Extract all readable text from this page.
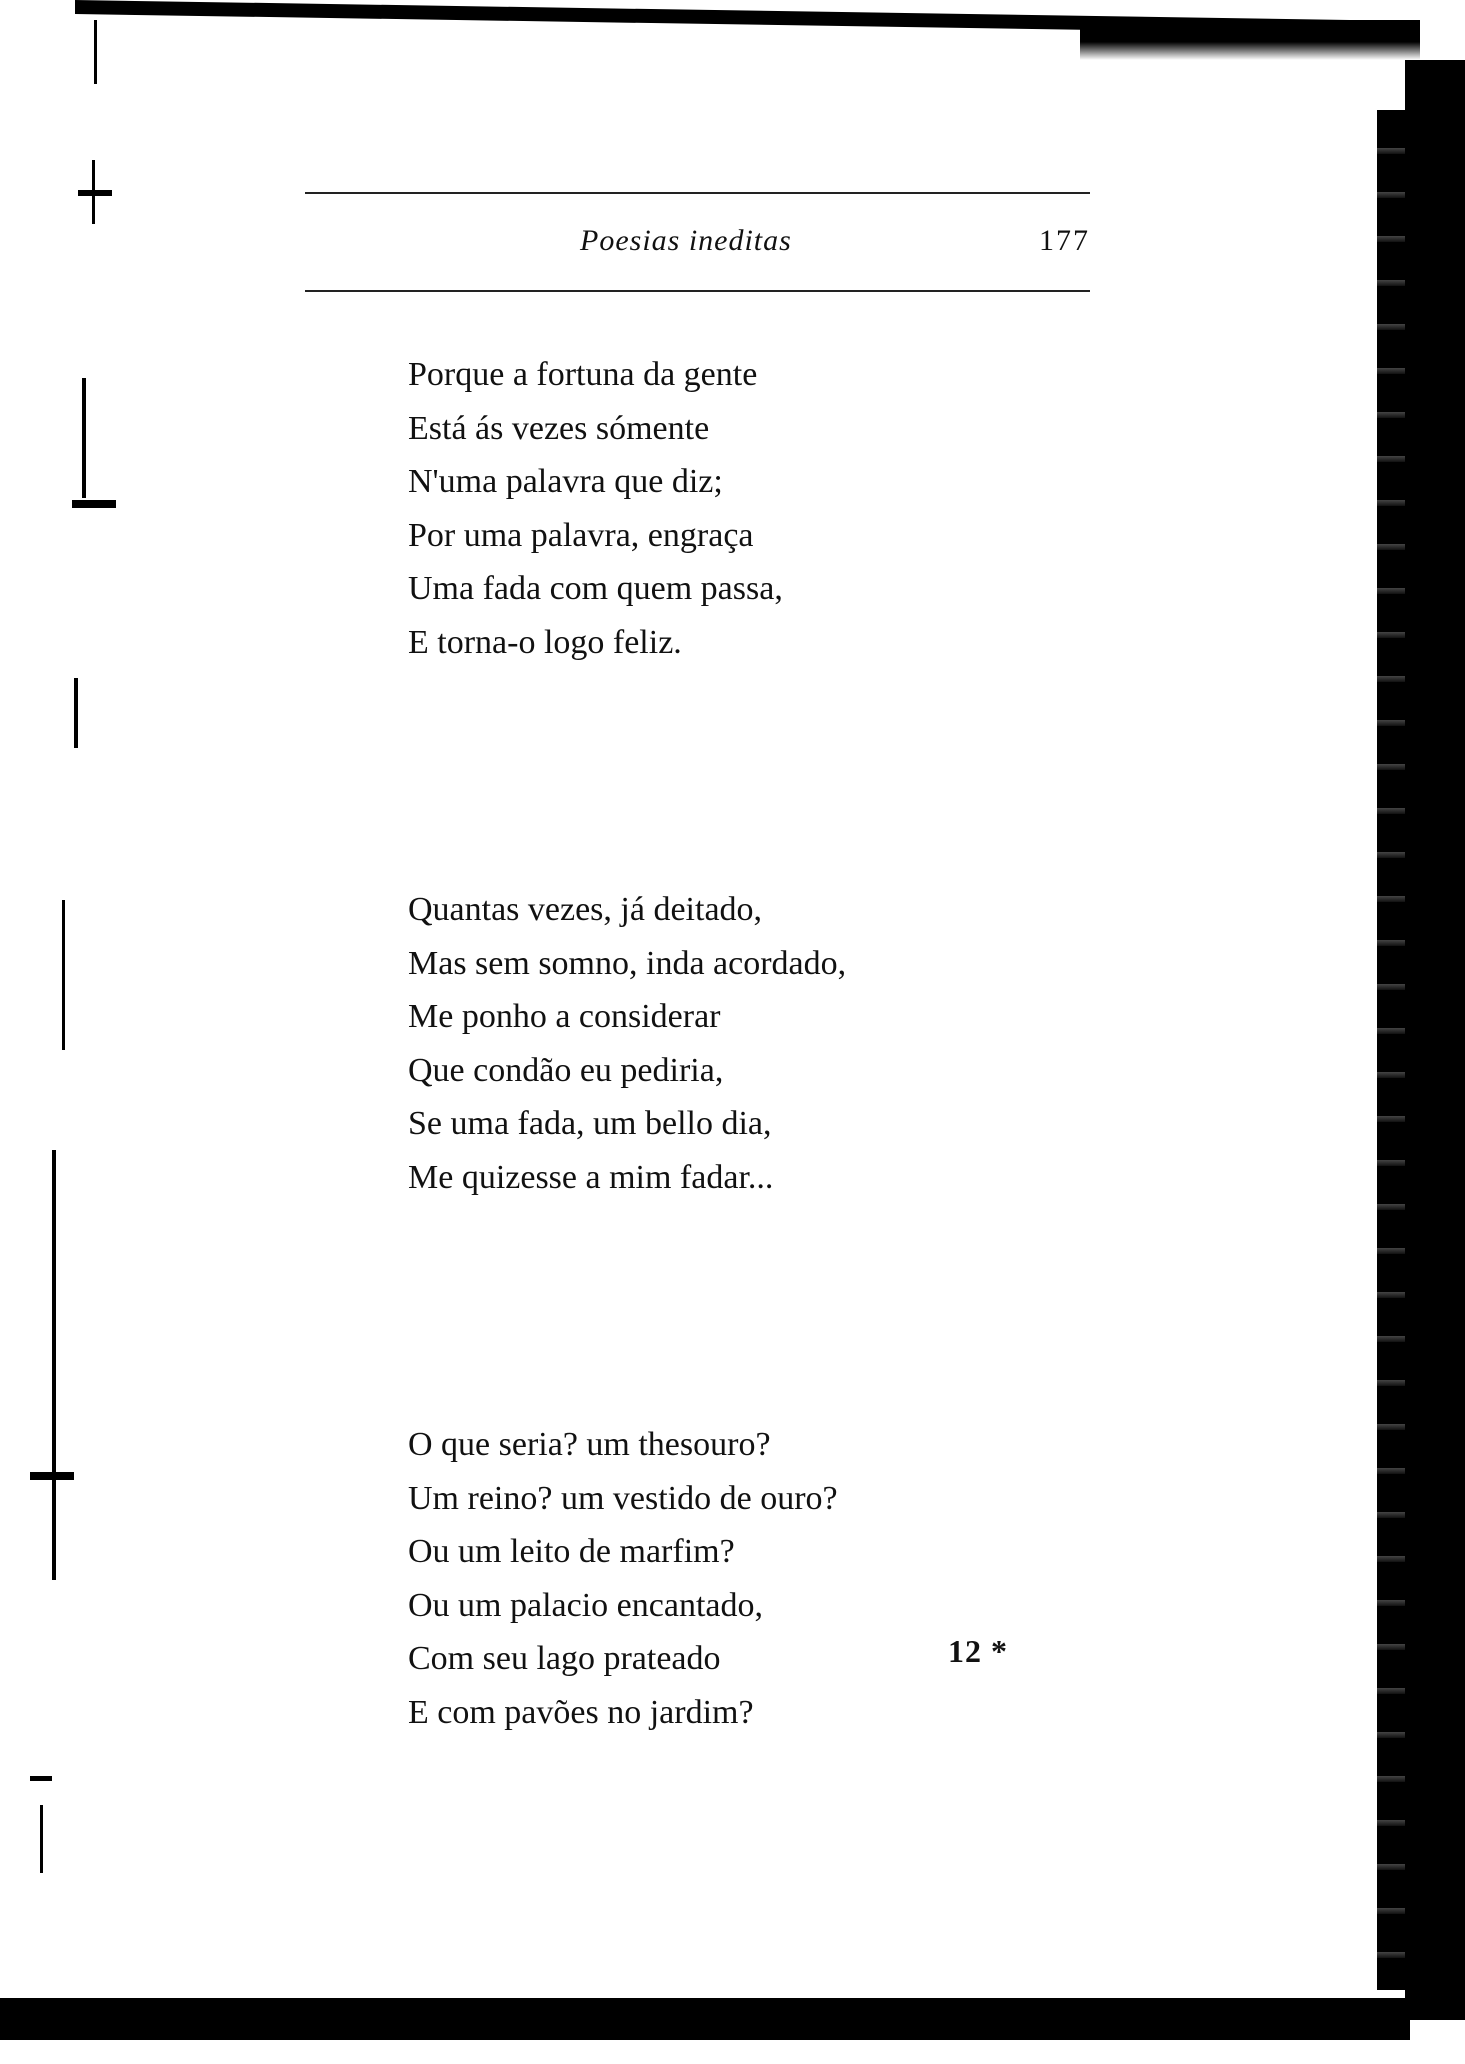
Poesias ineditas	177
Porque a fortuna da gente
Está ás vezes sómente
N'uma palavra que diz;
Por uma palavra, engraça
Uma fada com quem passa,
E torna-o logo feliz.
Quantas vezes, já deitado,
Mas sem somno, inda acordado,
Me ponho a considerar
Que condão eu pediria,
Se uma fada, um bello dia,
Me quizesse a mim fadar...
O que seria? um thesouro?
Um reino? um vestido de ouro?
Ou um leito de marfim?
Ou um palacio encantado,
Com seu lago prateado
E com pavões no jardim?
12 *
